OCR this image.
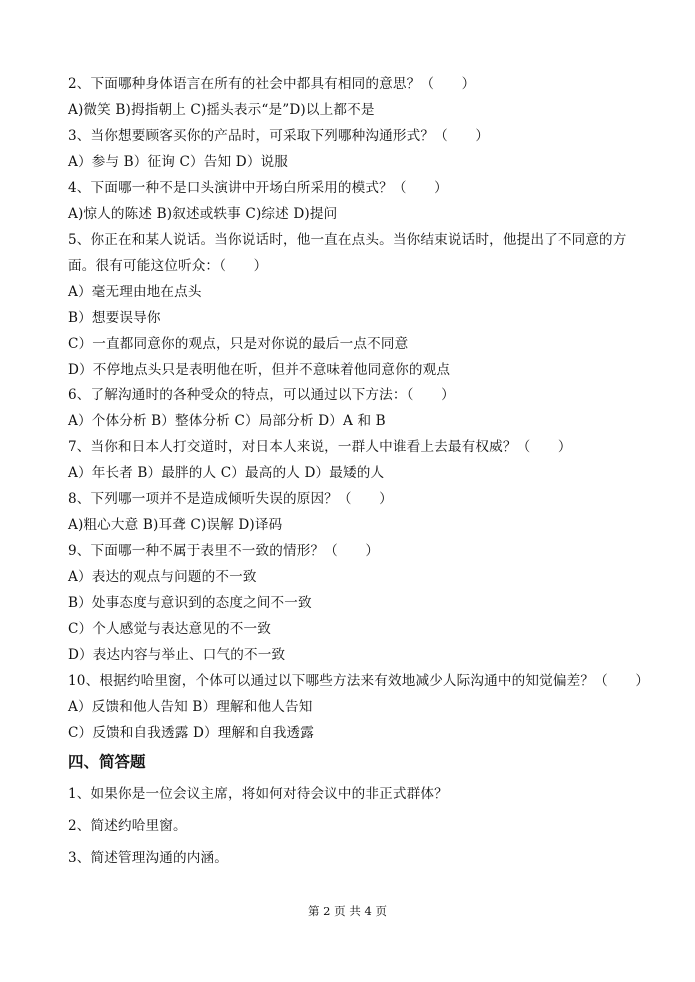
2、下面哪种身体语言在所有的社会中都具有相同的意思？（　　）
A)微笑 B)拇指朝上 C)摇头表示“是”D)以上都不是
3、当你想要顾客买你的产品时，可采取下列哪种沟通形式？（　　）
A）参与 B）征询 C）告知 D）说服
4、下面哪一种不是口头演讲中开场白所采用的模式？（　　）
A)惊人的陈述 B)叙述或轶事 C)综述 D)提问
5、你正在和某人说话。当你说话时，他一直在点头。当你结束说话时，他提出了不同意的方
面。很有可能这位听众：（　　）
A）毫无理由地在点头
B）想要误导你
C）一直都同意你的观点，只是对你说的最后一点不同意
D）不停地点头只是表明他在听，但并不意味着他同意你的观点
6、了解沟通时的各种受众的特点，可以通过以下方法：（　　）
A）个体分析 B）整体分析 C）局部分析 D）A 和 B
7、当你和日本人打交道时，对日本人来说，一群人中谁看上去最有权威？（　　）
A）年长者 B）最胖的人 C）最高的人 D）最矮的人
8、下列哪一项并不是造成倾听失误的原因？（　　）
A)粗心大意 B)耳聋 C)误解 D)译码
9、下面哪一种不属于表里不一致的情形？（　　）
A）表达的观点与问题的不一致
B）处事态度与意识到的态度之间不一致
C）个人感觉与表达意见的不一致
D）表达内容与举止、口气的不一致
10、根据约哈里窗，个体可以通过以下哪些方法来有效地减少人际沟通中的知觉偏差？（　　）
A）反馈和他人告知 B）理解和他人告知
C）反馈和自我透露 D）理解和自我透露
四、简答题
1、如果你是一位会议主席，将如何对待会议中的非正式群体？
2、简述约哈里窗。
3、简述管理沟通的内涵。
第 2 页 共 4 页
